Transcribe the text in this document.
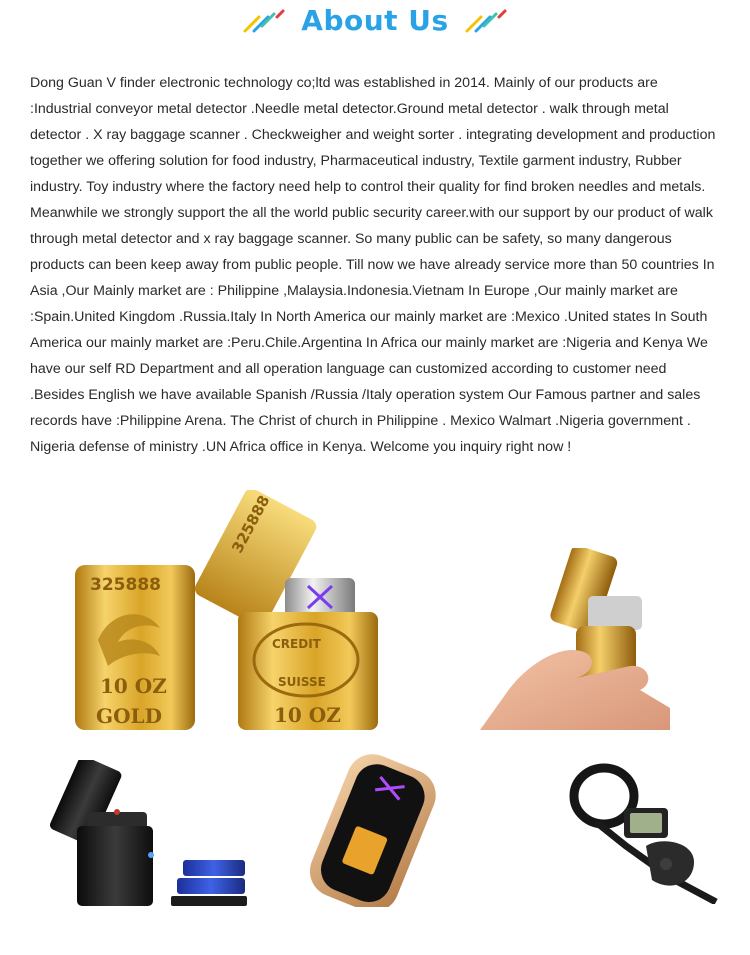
About Us

Dong Guan V finder electronic technology co;ltd was established in 2014. Mainly of our products are :Industrial conveyor metal detector .Needle metal detector.Ground metal detector . walk through metal detector . X ray baggage scanner . Checkweigher and weight sorter . integrating development and production together we offering solution for food industry, Pharmaceutical industry, Textile garment industry, Rubber industry. Toy industry where the factory need help to control their quality for find broken needles and metals. Meanwhile we strongly support the all the world public security career.with our support by our product of walk through metal detector and x ray baggage scanner. So many public can be safety, so many dangerous products can been keep away from public people. Till now we have already service more than 50 countries In Asia ,Our Mainly market are : Philippine ,Malaysia.Indonesia.Vietnam In Europe ,Our mainly market are :Spain.United Kingdom .Russia.Italy In North America our mainly market are :Mexico .United states In South America our mainly market are :Peru.Chile.Argentina In Africa our mainly market are :Nigeria and Kenya We have our self RD Department and all operation language can customized according to customer need .Besides English we have available Spanish /Russia /Italy operation system Our Famous partner and sales records have :Philippine Arena. The Christ of church in Philippine . Mexico Walmart .Nigeria government . Nigeria defense of ministry .UN Africa office in Kenya. Welcome you inquiry right now !

325888
10 OZ
GOLD
325888
CREDIT
SUISSE
10 OZ
